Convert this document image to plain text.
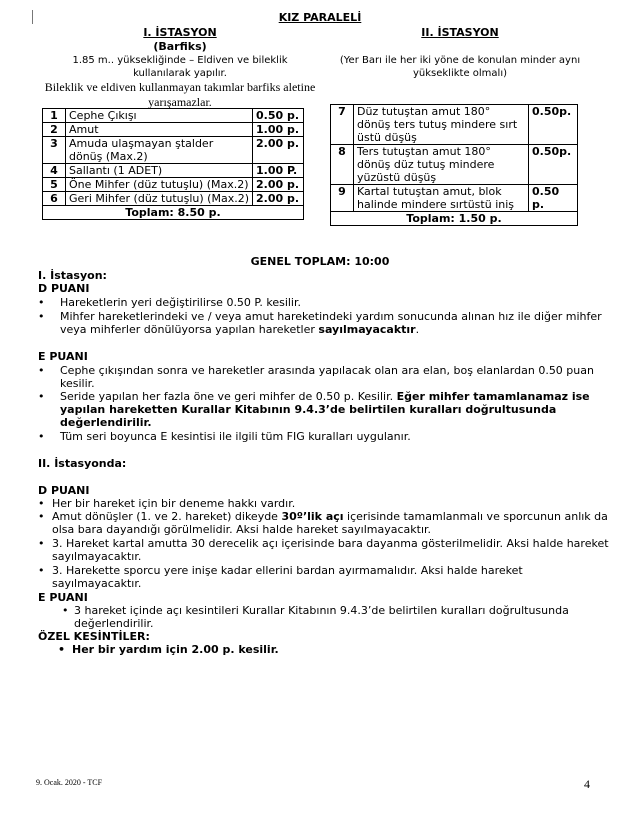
KIZ PARALELİ
I. İSTASYON
(Barfiks)
1.85 m.. yüksekliğinde – Eldiven ve bileklik kullanılarak yapılır.
Bileklik ve eldiven kullanmayan takımlar barfiks aletine yarışamazlar.
II. İSTASYON
(Yer Barı ile her iki yöne de konulan minder aynı yükseklikte olmalı)
1	Cephe Çıkışı	0.50 p.
2	Amut	1.00 p.
3	Amuda ulaşmayan ştalder dönüş (Max.2)	2.00 p.
4	Sallantı (1 ADET)	1.00 P.
5	Öne Mihfer (düz tutuşlu) (Max.2)	2.00 p.
6	Geri Mihfer (düz tutuşlu) (Max.2)	2.00 p.
Toplam: 8.50 p.		
7	Düz tutuştan amut 180° dönüş ters tutuş mindere sırt üstü düşüş	0.50p.
8	Ters tutuştan amut 180° dönüş düz tutuş mindere yüzüstü düşüş	0.50p.
9	Kartal tutuştan amut, blok halinde mindere sırtüstü iniş	0.50 p.
Toplam: 1.50 p.		
GENEL TOPLAM: 10:00
I. İstasyon:
D PUANI
• Hareketlerin yeri değiştirilirse 0.50 P. kesilir.
• Mihfer hareketlerindeki ve / veya amut hareketindeki yardım sonucunda alınan hız ile diğer mihfer veya mihferler dönülüyorsa yapılan hareketler sayılmayacaktır.
E PUANI
• Cephe çıkışından sonra ve hareketler arasında yapılacak olan ara elan, boş elanlardan 0.50 puan kesilir.
• Seride yapılan her fazla öne ve geri mihfer de 0.50 p. Kesilir. Eğer mihfer tamamlanamaz ise yapılan hareketten Kurallar Kitabının 9.4.3’de belirtilen kuralları doğrultusunda değerlendirilir.
• Tüm seri boyunca E kesintisi ile ilgili tüm FIG kuralları uygulanır.
II. İstasyonda:
D PUANI
• Her bir hareket için bir deneme hakkı vardır.
• Amut dönüşler (1. ve 2. hareket) dikeyde 30º’lik açı içerisinde tamamlanmalı ve sporcunun anlık da olsa bara dayandığı görülmelidir. Aksi halde hareket sayılmayacaktır.
• 3. Hareket kartal amutta 30 derecelik açı içerisinde bara dayanma gösterilmelidir. Aksi halde hareket sayılmayacaktır.
• 3. Harekette sporcu yere inişe kadar ellerini bardan ayırmamalıdır. Aksi halde hareket sayılmayacaktır.
E PUANI
• 3 hareket içinde açı kesintileri Kurallar Kitabının 9.4.3’de belirtilen kuralları doğrultusunda değerlendirilir.
ÖZEL KESİNTİLER:
• Her bir yardım için 2.00 p. kesilir.
9. Ocak. 2020 - TCF	4
